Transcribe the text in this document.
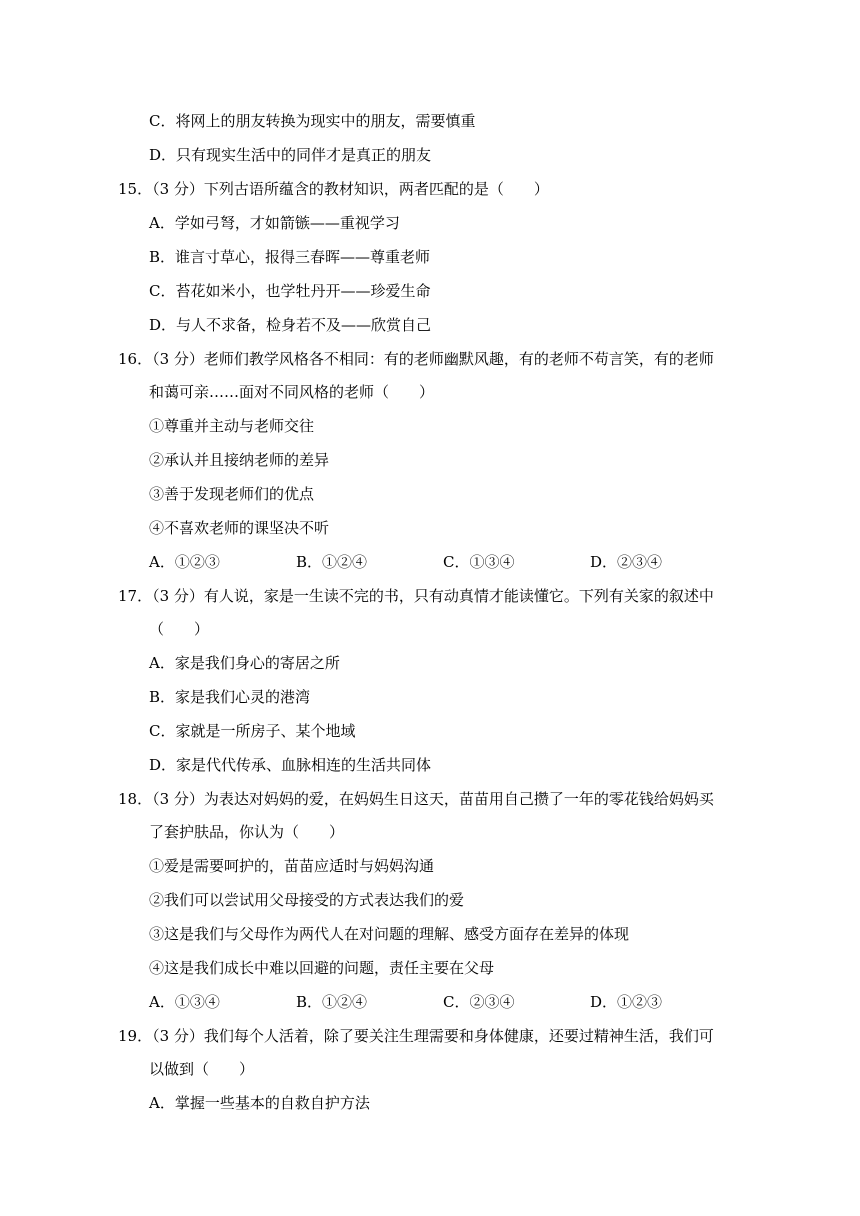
C．将网上的朋友转换为现实中的朋友，需要慎重
D．只有现实生活中的同伴才是真正的朋友
15．（3 分）下列古语所蕴含的教材知识，两者匹配的是（　　）
A．学如弓弩，才如箭镞——重视学习
B．谁言寸草心，报得三春晖——尊重老师
C．苔花如米小，也学牡丹开——珍爱生命
D．与人不求备，检身若不及——欣赏自己
16．（3 分）老师们教学风格各不相同：有的老师幽默风趣，有的老师不苟言笑，有的老师
和蔼可亲……面对不同风格的老师（　　）
①尊重并主动与老师交往
②承认并且接纳老师的差异
③善于发现老师们的优点
④不喜欢老师的课坚决不听
A．①②③	B．①②④	C．①③④	D．②③④
17．（3 分）有人说，家是一生读不完的书，只有动真情才能读懂它。下列有关家的叙述中
（　　）
A．家是我们身心的寄居之所
B．家是我们心灵的港湾
C．家就是一所房子、某个地域
D．家是代代传承、血脉相连的生活共同体
18．（3 分）为表达对妈妈的爱，在妈妈生日这天，苗苗用自己攒了一年的零花钱给妈妈买
了套护肤品，你认为（　　）
①爱是需要呵护的，苗苗应适时与妈妈沟通
②我们可以尝试用父母接受的方式表达我们的爱
③这是我们与父母作为两代人在对问题的理解、感受方面存在差异的体现
④这是我们成长中难以回避的问题，责任主要在父母
A．①③④	B．①②④	C．②③④	D．①②③
19．（3 分）我们每个人活着，除了要关注生理需要和身体健康，还要过精神生活，我们可
以做到（　　）
A．掌握一些基本的自救自护方法
